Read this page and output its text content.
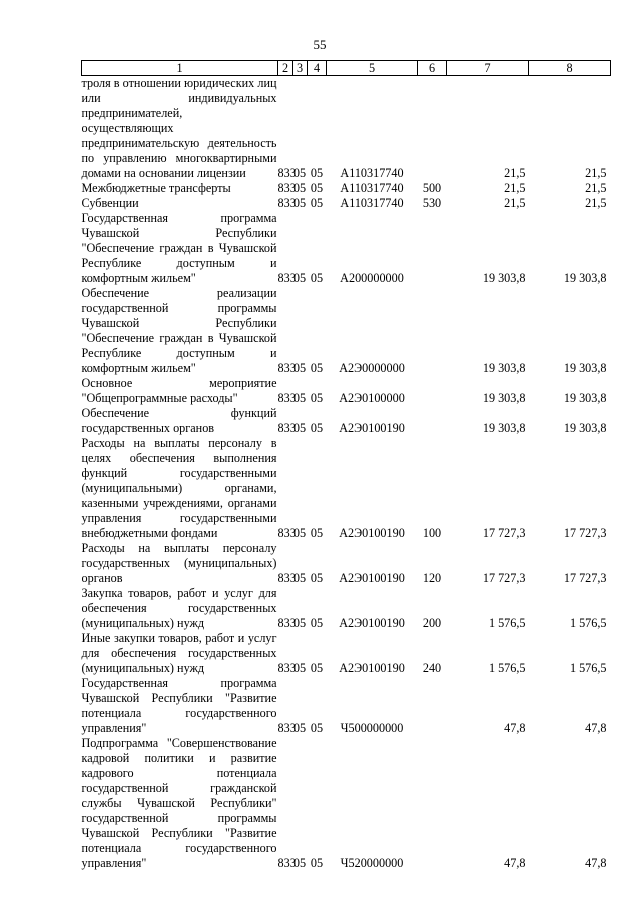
55
1	2	3	4	5	6	7	8
троля в отношении юридических лиц или индивидуальных предпринимателей, осуществляющих предпринимательскую деятельность по управлению многоквартирными домами на основании лицензии	833	05	05	А110317740		21,5	21,5
Межбюджетные трансферты	833	05	05	А110317740	500	21,5	21,5
Субвенции	833	05	05	А110317740	530	21,5	21,5
Государственная программа Чувашской Республики "Обеспечение граждан в Чувашской Республике доступным и комфортным жильем"	833	05	05	А200000000		19 303,8	19 303,8
Обеспечение реализации государственной программы Чувашской Республики "Обеспечение граждан в Чувашской Республике доступным и комфортным жильем"	833	05	05	А2Э0000000		19 303,8	19 303,8
Основное мероприятие "Общепрограммные расходы"	833	05	05	А2Э0100000		19 303,8	19 303,8
Обеспечение функций государственных органов	833	05	05	А2Э0100190		19 303,8	19 303,8
Расходы на выплаты персоналу в целях обеспечения выполнения функций государственными (муниципальными) органами, казенными учреждениями, органами управления государственными внебюджетными фондами	833	05	05	А2Э0100190	100	17 727,3	17 727,3
Расходы на выплаты персоналу государственных (муниципальных) органов	833	05	05	А2Э0100190	120	17 727,3	17 727,3
Закупка товаров, работ и услуг для обеспечения государственных (муниципальных) нужд	833	05	05	А2Э0100190	200	1 576,5	1 576,5
Иные закупки товаров, работ и услуг для обеспечения государственных (муниципальных) нужд	833	05	05	А2Э0100190	240	1 576,5	1 576,5
Государственная программа Чувашской Республики "Развитие потенциала государственного управления"	833	05	05	Ч500000000		47,8	47,8
Подпрограмма "Совершенствование кадровой политики и развитие кадрового потенциала государственной гражданской службы Чувашской Республики" государственной программы Чувашской Республики "Развитие потенциала государственного управления"	833	05	05	Ч520000000		47,8	47,8
